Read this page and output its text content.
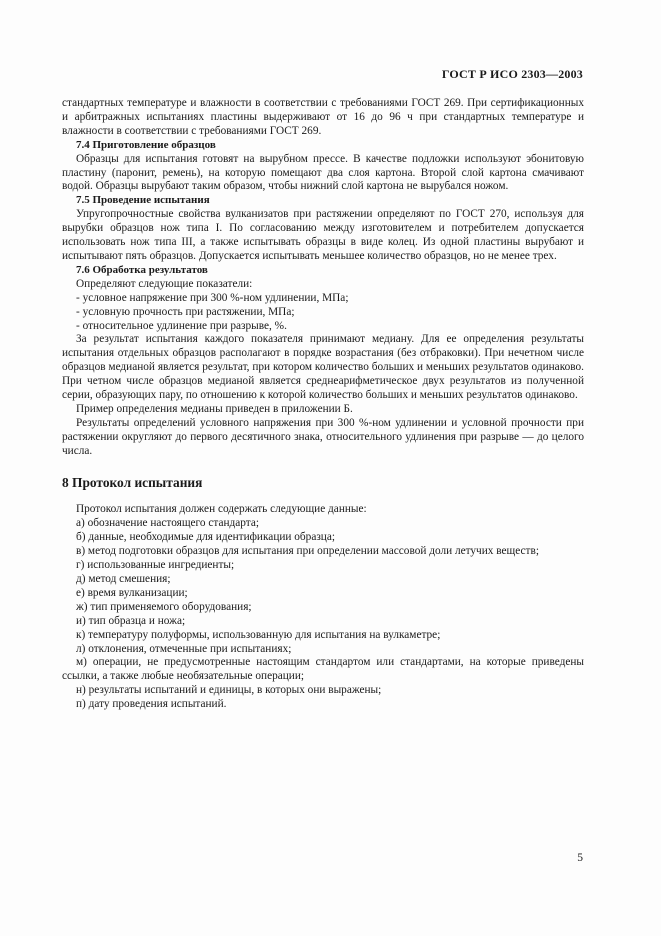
ГОСТ Р ИСО 2303—2003

стандартных температуре и влажности в соответствии с требованиями ГОСТ 269. При сертификационных и арбитражных испытаниях пластины выдерживают от 16 до 96 ч при стандартных температуре и влажности в соответствии с требованиями ГОСТ 269.

7.4 Приготовление образцов

Образцы для испытания готовят на вырубном прессе. В качестве подложки используют эбонитовую пластину (паронит, ремень), на которую помещают два слоя картона. Второй слой картона смачивают водой. Образцы вырубают таким образом, чтобы нижний слой картона не вырубался ножом.

7.5 Проведение испытания

Упругопрочностные свойства вулканизатов при растяжении определяют по ГОСТ 270, используя для вырубки образцов нож типа I. По согласованию между изготовителем и потребителем допускается использовать нож типа III, а также испытывать образцы в виде колец. Из одной пластины вырубают и испытывают пять образцов. Допускается испытывать меньшее количество образцов, но не менее трех.

7.6 Обработка результатов

Определяют следующие показатели:

- условное напряжение при 300 %-ном удлинении, МПа;

- условную прочность при растяжении, МПа;

- относительное удлинение при разрыве, %.

За результат испытания каждого показателя принимают медиану. Для ее определения результаты испытания отдельных образцов располагают в порядке возрастания (без отбраковки). При нечетном числе образцов медианой является результат, при котором количество больших и меньших результатов одинаково. При четном числе образцов медианой является среднеарифметическое двух результатов из полученной серии, образующих пару, по отношению к которой количество больших и меньших результатов одинаково.

Пример определения медианы приведен в приложении Б.

Результаты определений условного напряжения при 300 %-ном удлинении и условной прочности при растяжении округляют до первого десятичного знака, относительного удлинения при разрыве — до целого числа.

8 Протокол испытания

Протокол испытания должен содержать следующие данные:

а) обозначение настоящего стандарта;

б) данные, необходимые для идентификации образца;

в) метод подготовки образцов для испытания при определении массовой доли летучих веществ;

г) использованные ингредиенты;

д) метод смешения;

е) время вулканизации;

ж) тип применяемого оборудования;

и) тип образца и ножа;

к) температуру полуформы, использованную для испытания на вулкаметре;

л) отклонения, отмеченные при испытаниях;

м) операции, не предусмотренные настоящим стандартом или стандартами, на которые приведены ссылки, а также любые необязательные операции;

н) результаты испытаний и единицы, в которых они выражены;

п) дату проведения испытаний.

5
